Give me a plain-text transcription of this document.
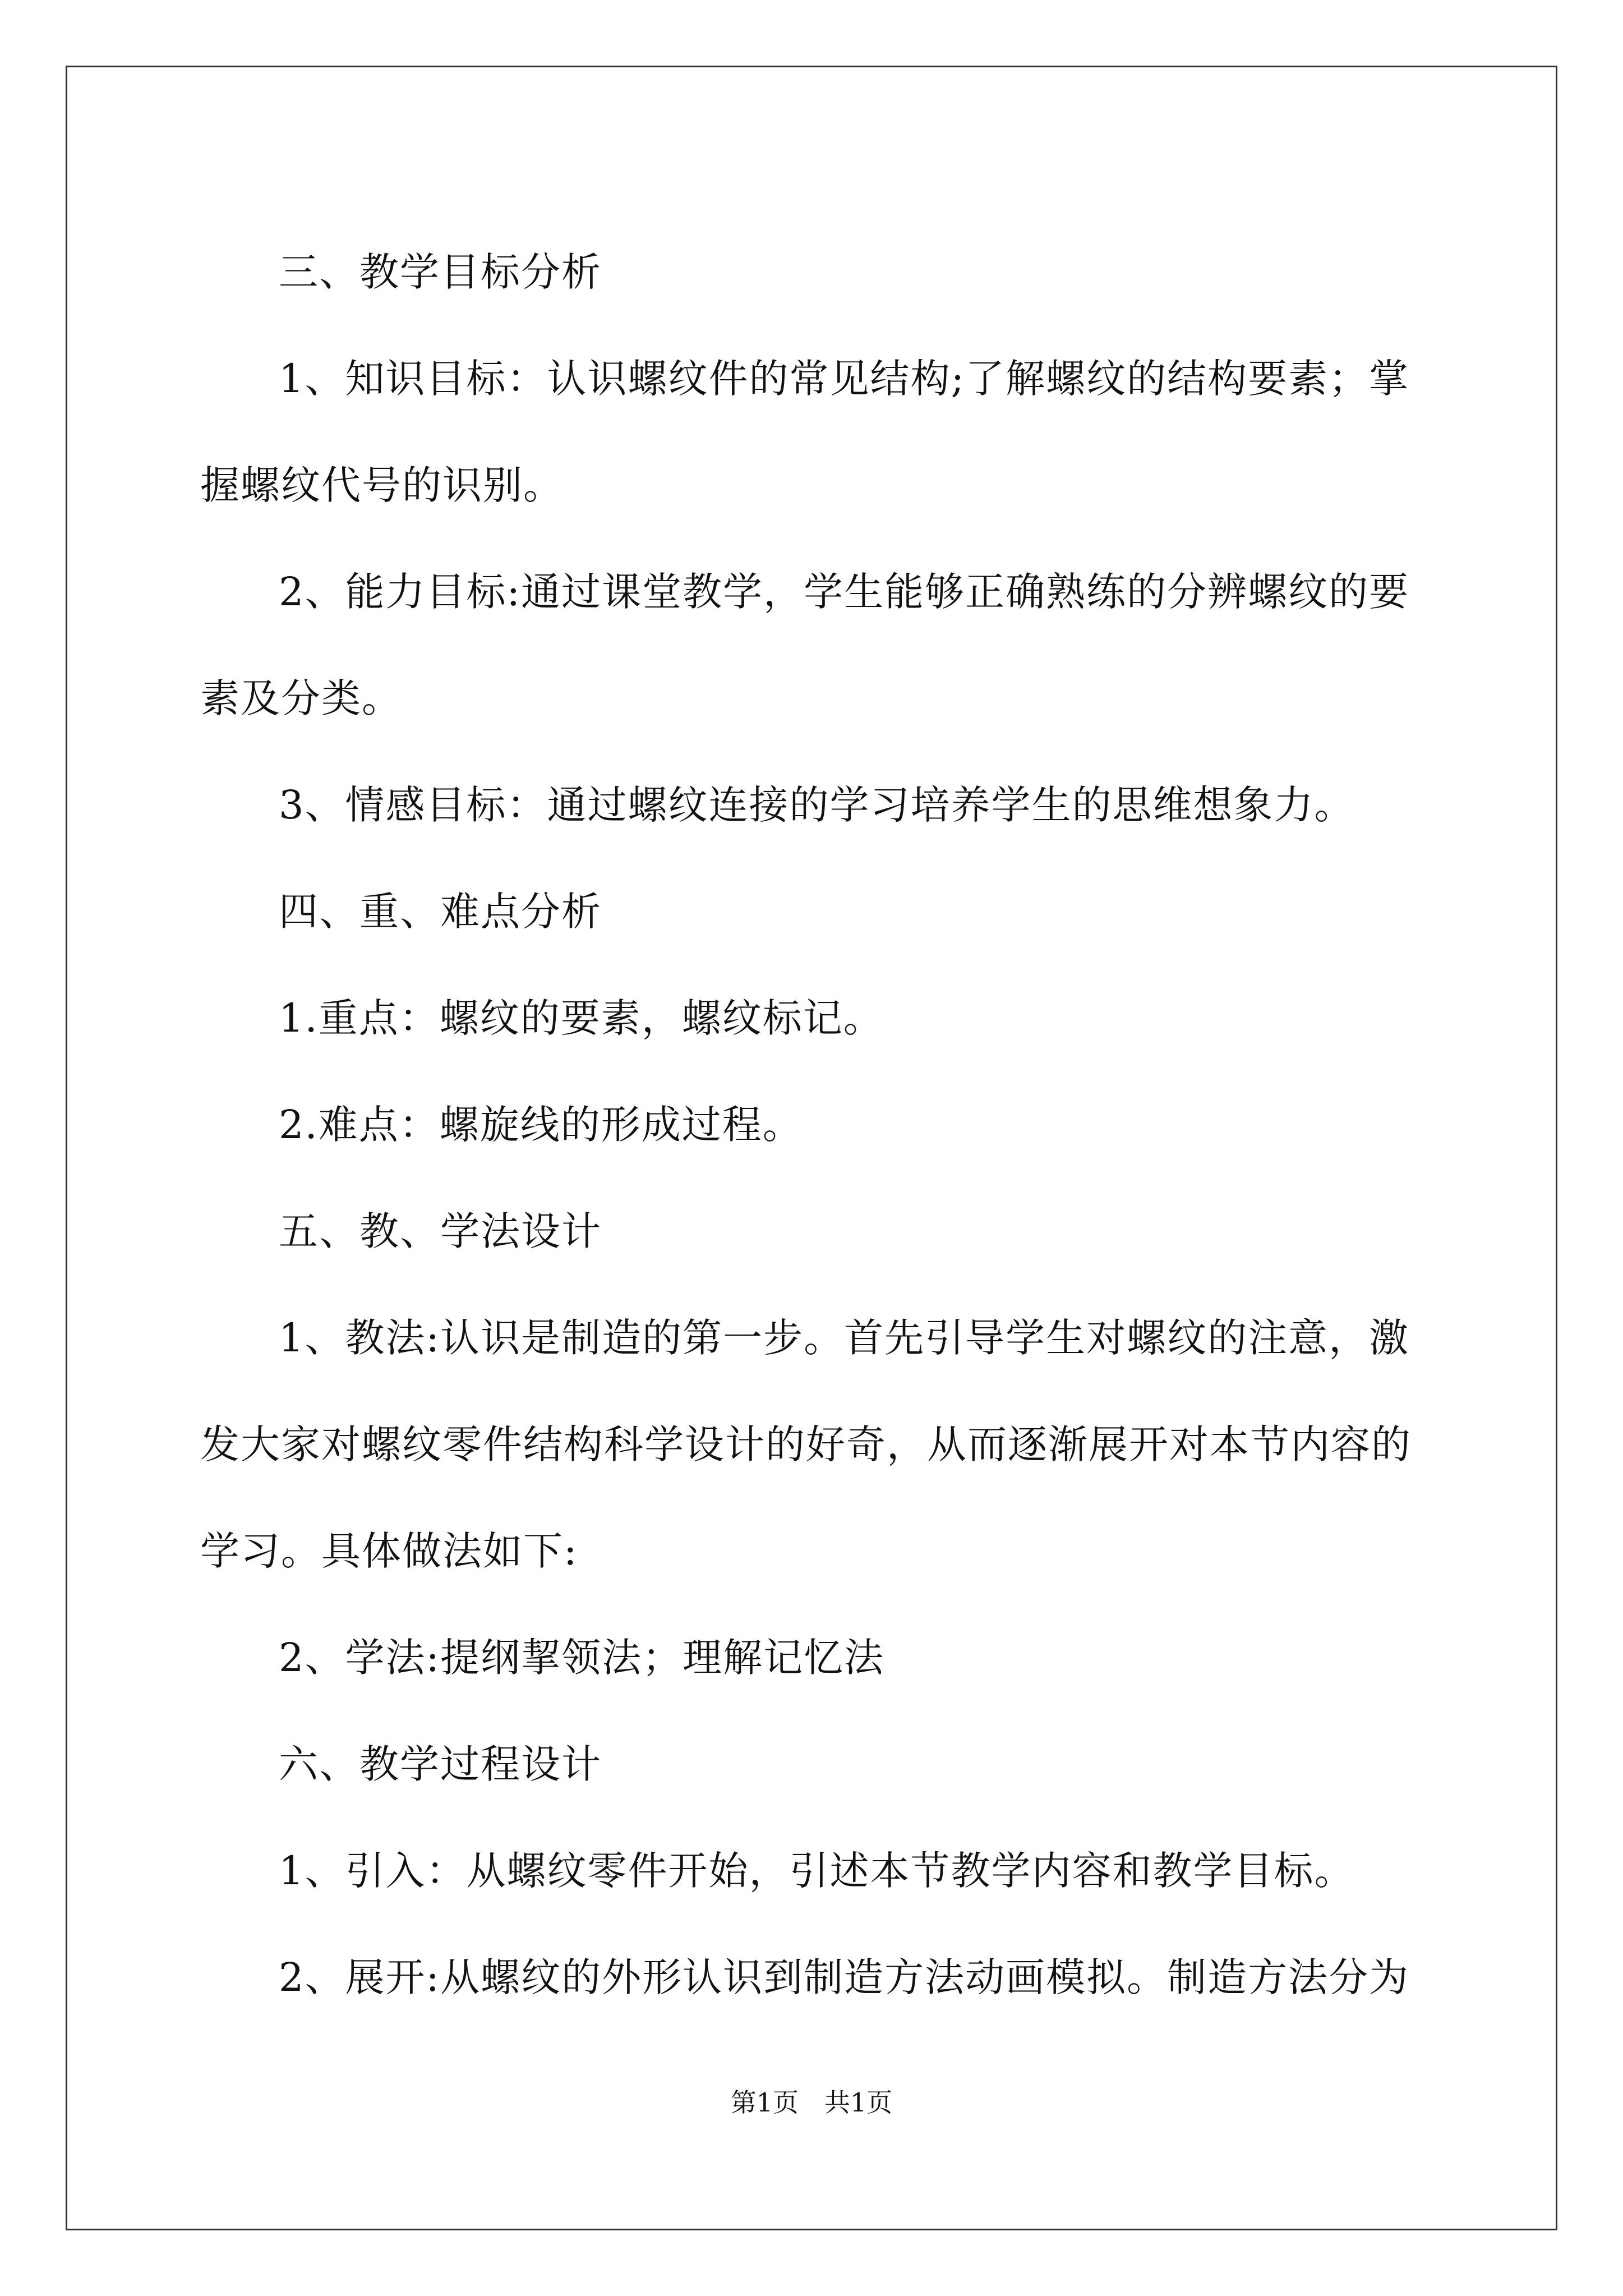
三、教学目标分析

1、知识目标：认识螺纹件的常见结构;了解螺纹的结构要素；掌握螺纹代号的识别。

2、能力目标:通过课堂教学，学生能够正确熟练的分辨螺纹的要素及分类。

3、情感目标：通过螺纹连接的学习培养学生的思维想象力。

四、重、难点分析

1.重点：螺纹的要素，螺纹标记。

2.难点：螺旋线的形成过程。

五、教、学法设计

1、教法:认识是制造的第一步。首先引导学生对螺纹的注意，激发大家对螺纹零件结构科学设计的好奇，从而逐渐展开对本节内容的学习。具体做法如下:

2、学法:提纲挈领法；理解记忆法

六、教学过程设计

1、引入：从螺纹零件开始，引述本节教学内容和教学目标。

2、展开:从螺纹的外形认识到制造方法动画模拟。制造方法分为

第1页　共1页
